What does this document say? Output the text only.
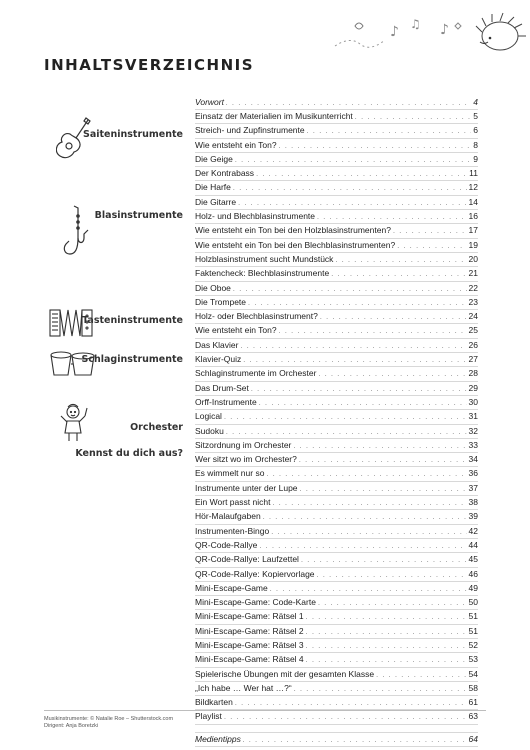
♪ ♫ ♪
INHALTSVERZEICHNIS
Saiteninstrumente
Blasinstrumente
Tasteninstrumente
Schlaginstrumente
Orchester
Kennst du dich aus?
Vorwort . . .	4
Einsatz der Materialien im Musikunterricht . . .	5
Streich- und Zupfinstrumente . . .	6
Wie entsteht ein Ton? . . .	8
Die Geige . . .	9
Der Kontrabass . . .	11
Die Harfe . . .	12
Die Gitarre . . .	14
Holz- und Blechblasinstrumente . . .	16
Wie entsteht ein Ton bei den Holzblasinstrumenten? . . .	17
Wie entsteht ein Ton bei den Blechblasinstrumenten? . . .	19
Holzblasinstrument sucht Mundstück . . .	20
Faktencheck: Blechblasinstrumente . . .	21
Die Oboe . . .	22
Die Trompete . . .	23
Holz- oder Blechblasinstrument? . . .	24
Wie entsteht ein Ton? . . .	25
Das Klavier . . .	26
Klavier-Quiz . . .	27
Schlaginstrumente im Orchester . . .	28
Das Drum-Set . . .	29
Orff-Instrumente . . .	30
Logical . . .	31
Sudoku . . .	32
Sitzordnung im Orchester . . .	33
Wer sitzt wo im Orchester? . . .	34
Es wimmelt nur so . . .	36
Instrumente unter der Lupe . . .	37
Ein Wort passt nicht . . .	38
Hör-Malaufgaben . . .	39
Instrumenten-Bingo . . .	42
QR-Code-Rallye . . .	44
QR-Code-Rallye: Laufzettel . . .	45
QR-Code-Rallye: Kopiervorlage . . .	46
Mini-Escape-Game . . .	49
Mini-Escape-Game: Code-Karte . . .	50
Mini-Escape-Game: Rätsel 1 . . .	51
Mini-Escape-Game: Rätsel 2 . . .	51
Mini-Escape-Game: Rätsel 3 . . .	52
Mini-Escape-Game: Rätsel 4 . . .	53
Spielerische Übungen mit der gesamten Klasse . . .	54
„Ich habe … Wer hat …?“ . . .	58
Bildkarten . . .	61
Playlist . . .	63
Medientipps . . .	64
Musikinstrumente: © Natalie Roe – Shutterstock.com
Dirigent: Anja Boretzki
